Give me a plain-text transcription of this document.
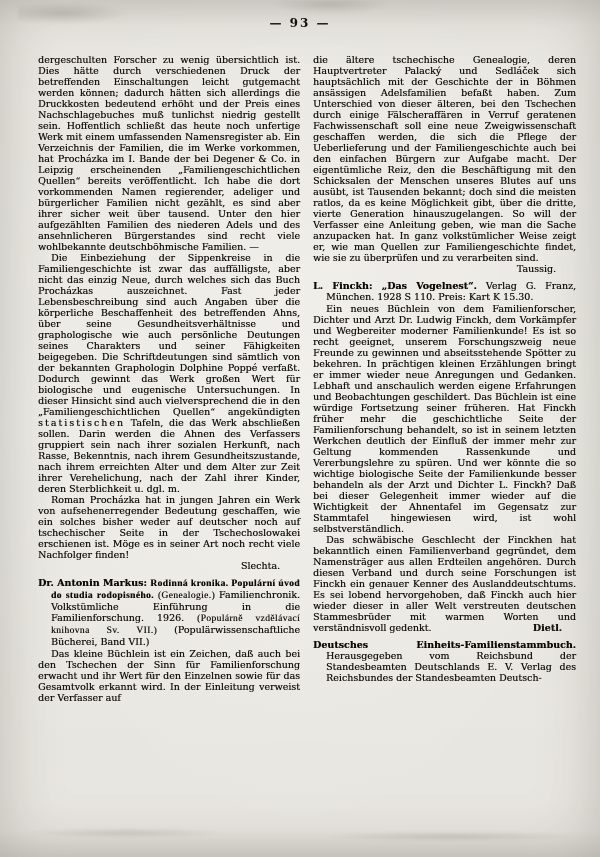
— 93 —

dergeschulten Forscher zu wenig übersichtlich ist. Dies hätte durch verschiedenen Druck der betreffenden Einschaltungen leicht gutgemacht werden können; dadurch hätten sich allerdings die Druckkosten bedeutend erhöht und der Preis eines Nachschlagebuches muß tunlichst niedrig gestellt sein. Hoffentlich schließt das heute noch unfertige Werk mit einem umfassenden Namensregister ab. Ein Verzeichnis der Familien, die im Werke vorkommen, hat Procházka im I. Bande der bei Degener & Co. in Leipzig erscheinenden „Familiengeschichtlichen Quellen“ bereits veröffentlicht. Ich habe die dort vorkommenden Namen regierender, adeliger und bürgerlicher Familien nicht gezählt, es sind aber ihrer sicher weit über tausend. Unter den hier aufgezählten Familien des niederen Adels und des ansehnlicheren Bürgerstandes sind recht viele wohlbekannte deutschböhmische Familien. —

Die Einbeziehung der Sippenkreise in die Familiengeschichte ist zwar das auffälligste, aber nicht das einzig Neue, durch welches sich das Buch Procházkas auszeichnet. Fast jeder Lebensbeschreibung sind auch Angaben über die körperliche Beschaffenheit des betreffenden Ahns, über seine Gesundheitsverhältnisse und graphologische wie auch persönliche Deutungen seines Charakters und seiner Fähigkeiten beigegeben. Die Schriftdeutungen sind sämtlich von der bekannten Graphologin Dolphine Poppé verfaßt. Dodurch gewinnt das Werk großen Wert für biologische und eugenische Untersuchungen. In dieser Hinsicht sind auch vielversprechend die in den „Familiengeschichtlichen Quellen“ angekündigten statistischen Tafeln, die das Werk abschließen sollen. Darin werden die Ahnen des Verfassers gruppiert sein nach ihrer sozialen Herkunft, nach Rasse, Bekenntnis, nach ihrem Gesundheitszustande, nach ihrem erreichten Alter und dem Alter zur Zeit ihrer Verehelichung, nach der Zahl ihrer Kinder, deren Sterblichkeit u. dgl. m.

Roman Procházka hat in jungen Jahren ein Werk von aufsehenerregender Bedeutung geschaffen, wie ein solches bisher weder auf deutscher noch auf tschechischer Seite in der Tschechoslowakei erschienen ist. Möge es in seiner Art noch recht viele Nachfolger finden!

Slechta.

Dr. Antonin Markus: Rodinná kronika. Populární úvod do studia rodopisného. (Genealogie.) Familienchronik. Volkstümliche Einführung in die Familienforschung. 1926. (Populárně vzdělávací knihovna Sv. VII.) (Populärwissenschaftliche Bücherei, Band VII.)

Das kleine Büchlein ist ein Zeichen, daß auch bei den Tschechen der Sinn für Familienforschung erwacht und ihr Wert für den Einzelnen sowie für das Gesamtvolk erkannt wird. In der Einleitung verweist der Verfasser auf

die ältere tschechische Genealogie, deren Hauptvertreter Palacký und Sedláček sich hauptsächlich mit der Geschichte der in Böhmen ansässigen Adelsfamilien befaßt haben. Zum Unterschied von dieser älteren, bei den Tschechen durch einige Fälscheraffären in Verruf geratenen Fachwissenschaft soll eine neue Zweigwissenschaft geschaffen werden, die sich die Pflege der Ueberlieferung und der Familiengeschichte auch bei den einfachen Bürgern zur Aufgabe macht. Der eigentümliche Reiz, den die Beschäftigung mit den Schicksalen der Menschen unseres Blutes auf uns ausübt, ist Tausenden bekannt; doch sind die meisten ratlos, da es keine Möglichkeit gibt, über die dritte, vierte Generation hinauszugelangen. So will der Verfasser eine Anleitung geben, wie man die Sache anzupacken hat. In ganz volkstümlicher Weise zeigt er, wie man Quellen zur Familiengeschichte findet, wie sie zu überprüfen und zu verarbeiten sind.

Taussig.

L. Finckh: „Das Vogelnest“. Verlag G. Franz, München. 1928 S 110. Preis: Kart K 15.30.

Ein neues Büchlein von dem Familienforscher, Dichter und Arzt Dr. Ludwig Finckh, dem Vorkämpfer und Wegbereiter moderner Familienkunde! Es ist so recht geeignet, unserem Forschungszweig neue Freunde zu gewinnen und abseitsstehende Spötter zu bekehren. In prächtigen kleinen Erzählungen bringt er immer wieder neue Anregungen und Gedanken. Lebhaft und anschaulich werden eigene Erfahrungen und Beobachtungen geschildert. Das Büchlein ist eine würdige Fortsetzung seiner früheren. Hat Finckh früher mehr die geschichtliche Seite der Familienforschung behandelt, so ist in seinem letzten Werkchen deutlich der Einfluß der immer mehr zur Geltung kommenden Rassenkunde und Vererbungslehre zu spüren. Und wer könnte die so wichtige biologische Seite der Familienkunde besser behandeln als der Arzt und Dichter L. Finckh? Daß bei dieser Gelegenheit immer wieder auf die Wichtigkeit der Ahnentafel im Gegensatz zur Stammtafel hingewiesen wird, ist wohl selbstverständlich.

Das schwäbische Geschlecht der Finckhen hat bekanntlich einen Familienverband gegründet, dem Namensträger aus allen Erdteilen angehören. Durch diesen Verband und durch seine Forschungen ist Finckh ein genauer Kenner des Auslanddeutschtums. Es sei lobend hervorgehoben, daß Finckh auch hier wieder dieser in aller Welt verstreuten deutschen Stammesbrüder mit warmen Worten und verständnisvoll gedenkt.	Dietl.

Deutsches Einheits-Familienstammbuch. Herausgegeben vom Reichsbund der Standesbeamten Deutschlands E. V. Verlag des Reichsbundes der Standesbeamten Deutsch-
